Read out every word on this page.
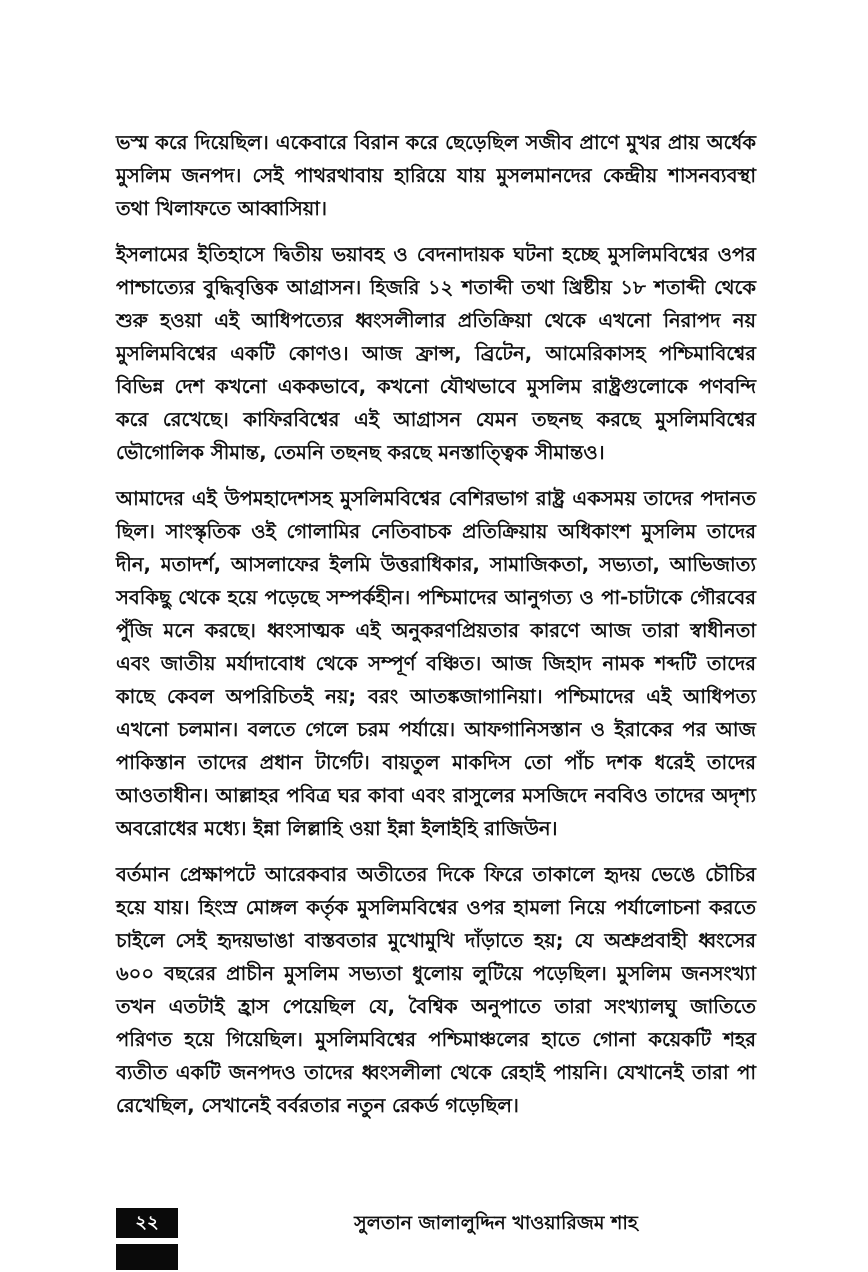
ভস্ম করে দিয়েছিল। একেবারে বিরান করে ছেড়েছিল সজীব প্রাণে মুখর প্রায় অর্ধেক মুসলিম জনপদ। সেই পাথরথাবায় হারিয়ে যায় মুসলমানদের কেন্দ্রীয় শাসনব্যবস্থা তথা খিলাফতে আব্বাসিয়া।

ইসলামের ইতিহাসে দ্বিতীয় ভয়াবহ ও বেদনাদায়ক ঘটনা হচ্ছে মুসলিমবিশ্বের ওপর পাশ্চাত্যের বুদ্ধিবৃত্তিক আগ্রাসন। হিজরি ১২ শতাব্দী তথা খ্রিষ্টীয় ১৮ শতাব্দী থেকে শুরু হওয়া এই আধিপত্যের ধ্বংসলীলার প্রতিক্রিয়া থেকে এখনো নিরাপদ নয় মুসলিমবিশ্বের একটি কোণও। আজ ফ্রান্স, ব্রিটেন, আমেরিকাসহ পশ্চিমাবিশ্বের বিভিন্ন দেশ কখনো এককভাবে, কখনো যৌথভাবে মুসলিম রাষ্ট্রগুলোকে পণবন্দি করে রেখেছে। কাফিরবিশ্বের এই আগ্রাসন যেমন তছনছ করছে মুসলিমবিশ্বের ভৌগোলিক সীমান্ত, তেমনি তছনছ করছে মনস্তাত্ত্বিক সীমান্তও।

আমাদের এই উপমহাদেশসহ মুসলিমবিশ্বের বেশিরভাগ রাষ্ট্র একসময় তাদের পদানত ছিল। সাংস্কৃতিক ওই গোলামির নেতিবাচক প্রতিক্রিয়ায় অধিকাংশ মুসলিম তাদের দীন, মতাদর্শ, আসলাফের ইলমি উত্তরাধিকার, সামাজিকতা, সভ্যতা, আভিজাত্য সবকিছু থেকে হয়ে পড়েছে সম্পর্কহীন। পশ্চিমাদের আনুগত্য ও পা-চাটাকে গৌরবের পুঁজি মনে করছে। ধ্বংসাত্মক এই অনুকরণপ্রিয়তার কারণে আজ তারা স্বাধীনতা এবং জাতীয় মর্যাদাবোধ থেকে সম্পূর্ণ বঞ্চিত। আজ জিহাদ নামক শব্দটি তাদের কাছে কেবল অপরিচিতই নয়; বরং আতঙ্কজাগানিয়া। পশ্চিমাদের এই আধিপত্য এখনো চলমান। বলতে গেলে চরম পর্যায়ে। আফগানিসস্তান ও ইরাকের পর আজ পাকিস্তান তাদের প্রধান টার্গেট। বায়তুল মাকদিস তো পাঁচ দশক ধরেই তাদের আওতাধীন। আল্লাহর পবিত্র ঘর কাবা এবং রাসুলের মসজিদে নববিও তাদের অদৃশ্য অবরোধের মধ্যে। ইন্না লিল্লাহি ওয়া ইন্না ইলাইহি রাজিউন।

বর্তমান প্রেক্ষাপটে আরেকবার অতীতের দিকে ফিরে তাকালে হৃদয় ভেঙে চৌচির হয়ে যায়। হিংস্র মোঙ্গল কর্তৃক মুসলিমবিশ্বের ওপর হামলা নিয়ে পর্যালোচনা করতে চাইলে সেই হৃদয়ভাঙা বাস্তবতার মুখোমুখি দাঁড়াতে হয়; যে অশ্রুপ্রবাহী ধ্বংসের ৬০০ বছরের প্রাচীন মুসলিম সভ্যতা ধুলোয় লুটিয়ে পড়েছিল। মুসলিম জনসংখ্যা তখন এতটাই হ্রাস পেয়েছিল যে, বৈশ্বিক অনুপাতে তারা সংখ্যালঘু জাতিতে পরিণত হয়ে গিয়েছিল। মুসলিমবিশ্বের পশ্চিমাঞ্চলের হাতে গোনা কয়েকটি শহর ব্যতীত একটি জনপদও তাদের ধ্বংসলীলা থেকে রেহাই পায়নি। যেখানেই তারা পা রেখেছিল, সেখানেই বর্বরতার নতুন রেকর্ড গড়েছিল।

২২	সুলতান জালালুদ্দিন খাওয়ারিজম শাহ
